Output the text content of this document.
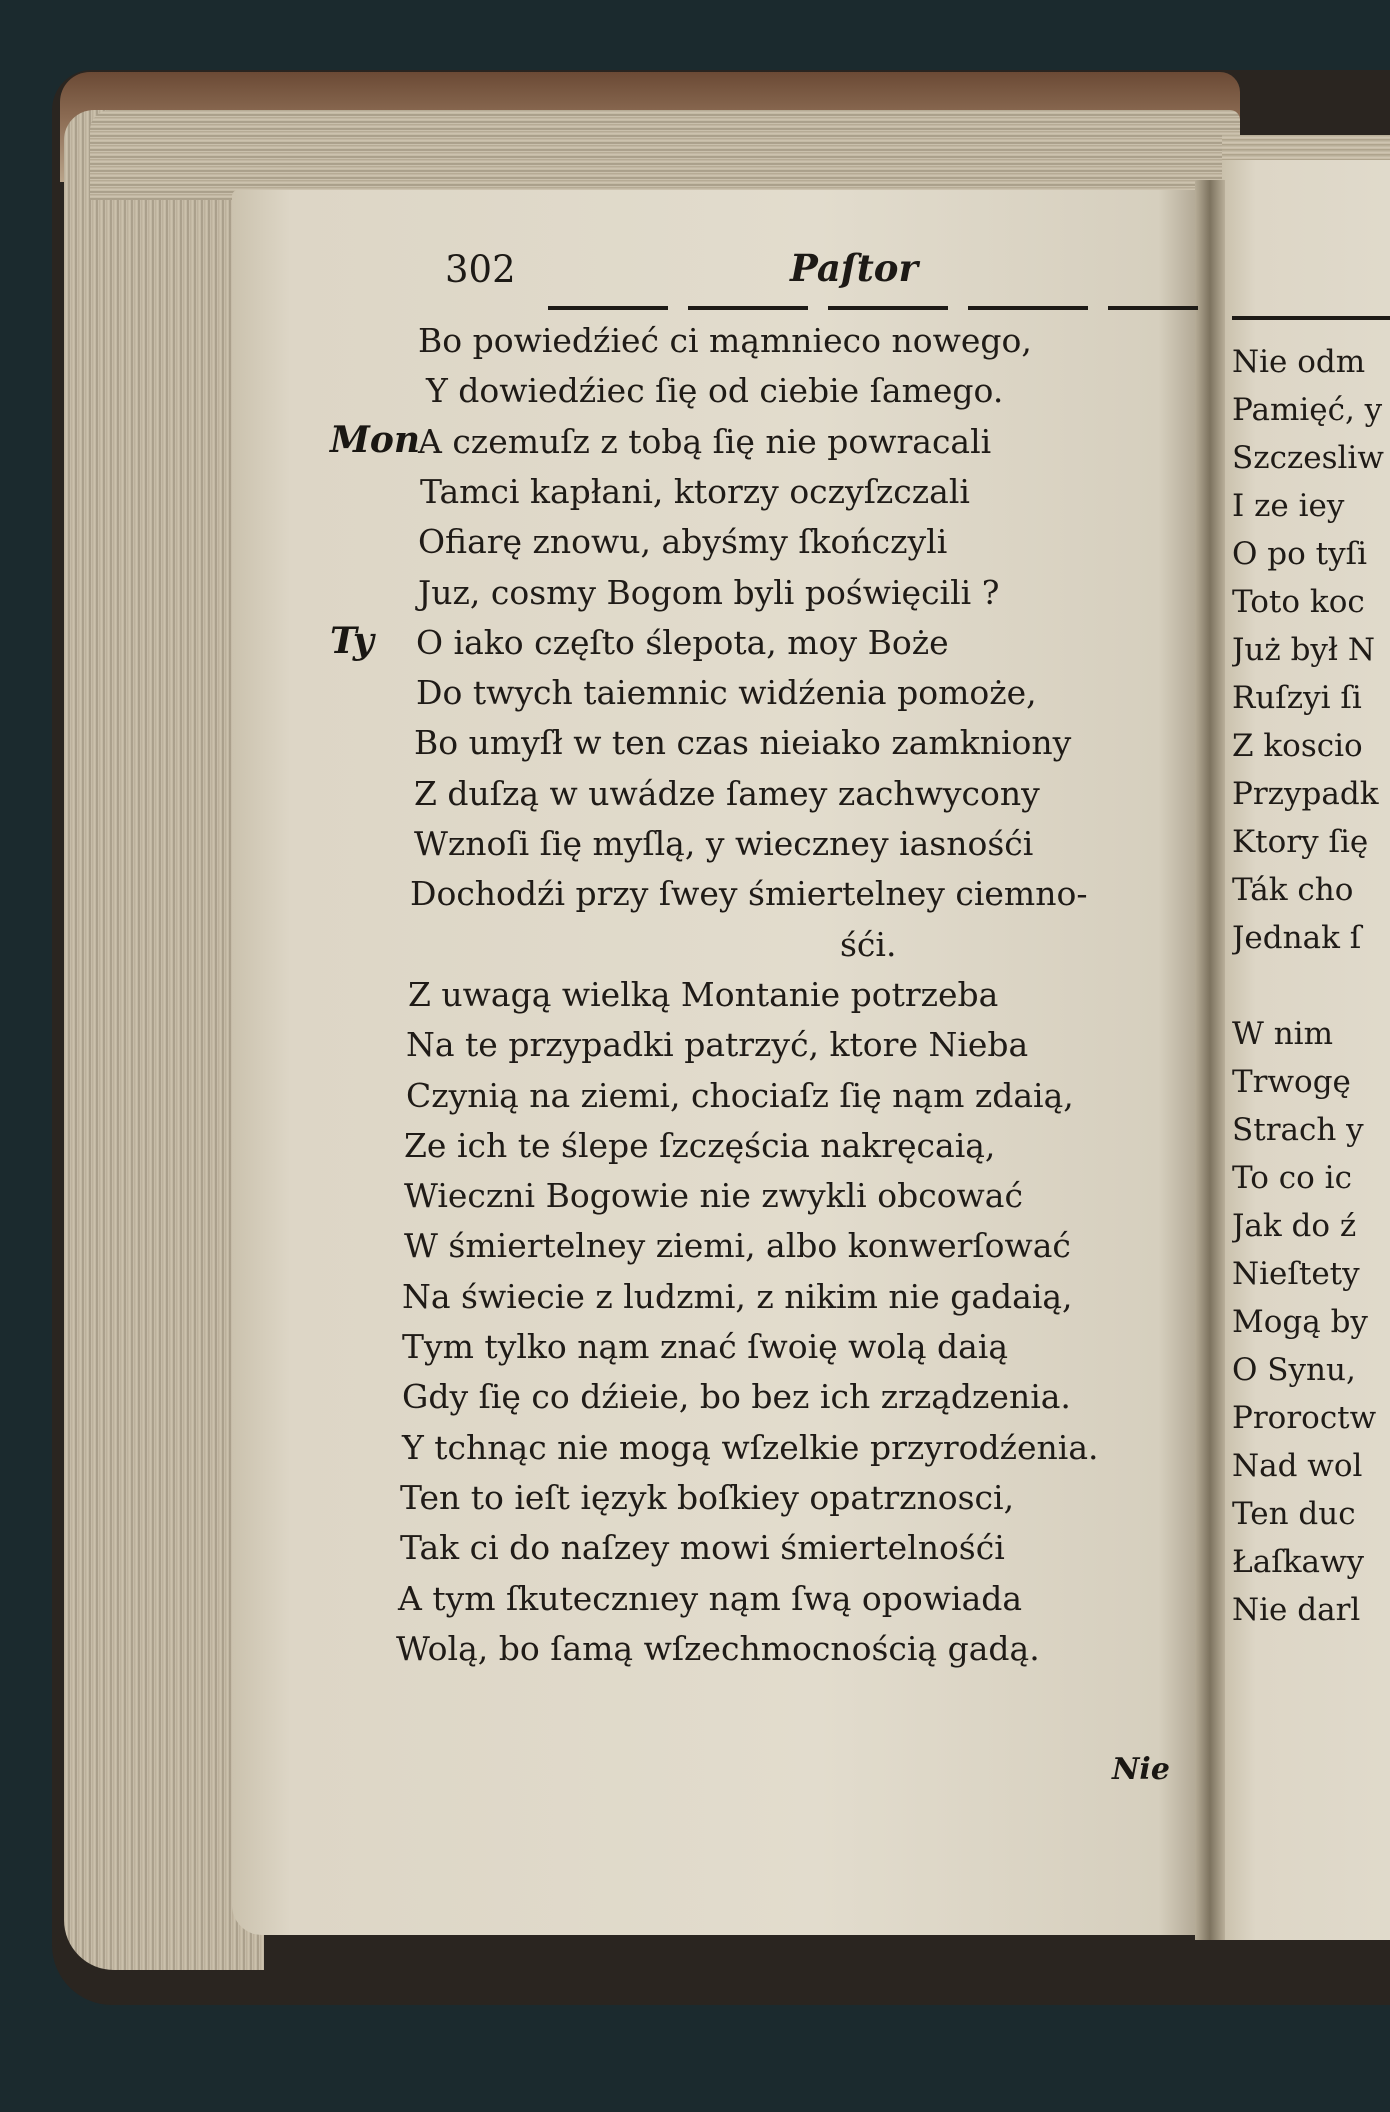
302	Paſtor
Bo powiedźieć ci mąmnieco nowego,
Y dowiedźiec ſię od ciebie ſamego.
A czemuſz z tobą ſię nie powracali
Mon
Tamci kapłani, ktorzy oczyſzczali
Ofiarę znowu, abyśmy ſkończyli
Juz, cosmy Bogom byli poświęcili ?
O iako częſto ślepota, moy Boże
Ty
Do twych taiemnic widźenia pomoże,
Bo umyſł w ten czas nieiako zamkniony
Z duſzą w uwádze ſamey zachwycony
Wznoſi ſię myſlą, y wieczney iasnośći
Dochodźi przy ſwey śmiertelney ciemno-
śći.
Z uwagą wielką Montanie potrzeba
Na te przypadki patrzyć, ktore Nieba
Czynią na ziemi, chociaſz ſię nąm zdaią,
Ze ich te ślepe ſzczęścia nakręcaią,
Wieczni Bogowie nie zwykli obcować
W śmiertelney ziemi, albo konwerſować
Na świecie z ludzmi, z nikim nie gadaią,
Tym tylko nąm znać ſwoię wolą daią
Gdy ſię co dźieie, bo bez ich zrządzenia.
Y tchnąc nie mogą wſzelkie przyrodźenia.
Ten to ieſt ięzyk boſkiey opatrznosci,
Tak ci do naſzey mowi śmiertelnośći
A tym ſkutecznıey nąm ſwą opowiada
Wolą, bo ſamą wſzechmocnością gadą.
Nie
Nie odm
Pamięć, y
Szczesliw
I ze iey
O po tyſi
Toto koc
Już był N
Ruſzyi ſi
Z koscio
Przypadk
Ktory ſię
Ták cho
Jednak ſ
W nim
Trwogę
Strach y
To co ic
Jak do ź
Nieſtety
Mogą by
O Synu,
Proroctw
Nad wol
Ten duc
Łaſkawy
Nie darl
